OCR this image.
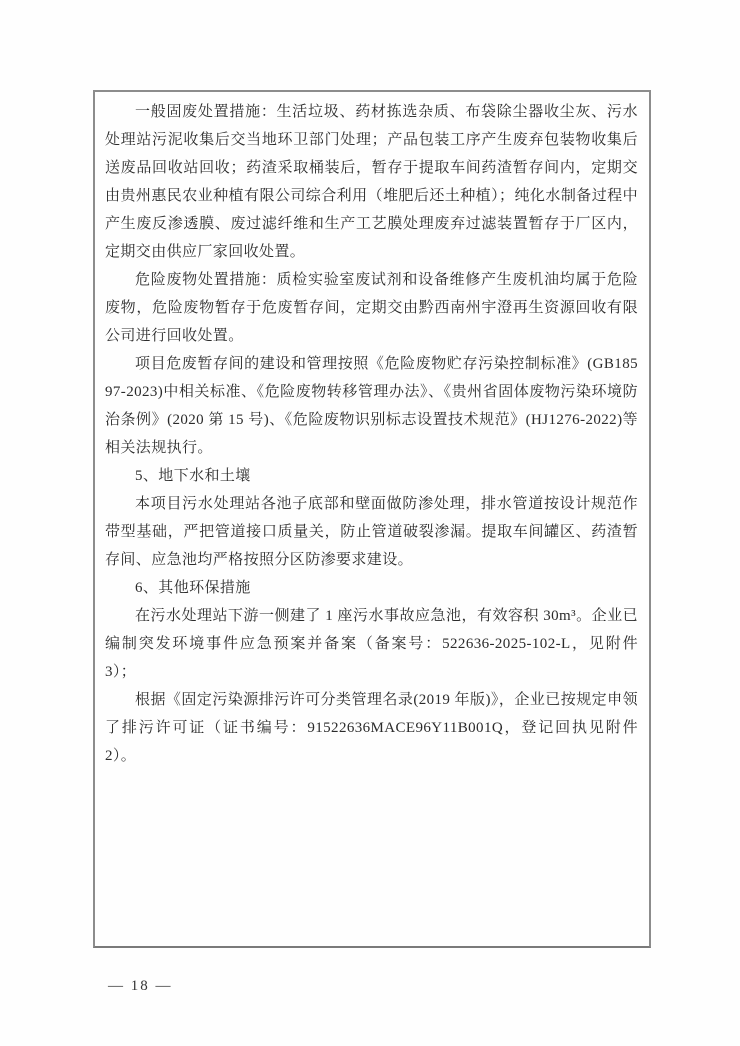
一般固废处置措施：生活垃圾、药材拣选杂质、布袋除尘器收尘灰、污水处理站污泥收集后交当地环卫部门处理；产品包装工序产生废弃包装物收集后送废品回收站回收；药渣采取桶装后，暂存于提取车间药渣暂存间内，定期交由贵州惠民农业种植有限公司综合利用（堆肥后还土种植）；纯化水制备过程中产生废反渗透膜、废过滤纤维和生产工艺膜处理废弃过滤装置暂存于厂区内，定期交由供应厂家回收处置。

危险废物处置措施：质检实验室废试剂和设备维修产生废机油均属于危险废物，危险废物暂存于危废暂存间，定期交由黔西南州宇澄再生资源回收有限公司进行回收处置。

项目危废暂存间的建设和管理按照《危险废物贮存污染控制标准》(GB18597-2023)中相关标准、《危险废物转移管理办法》、《贵州省固体废物污染环境防治条例》(2020 第 15 号)、《危险废物识别标志设置技术规范》(HJ1276-2022)等相关法规执行。

5、地下水和土壤

本项目污水处理站各池子底部和壁面做防渗处理，排水管道按设计规范作带型基础，严把管道接口质量关，防止管道破裂渗漏。提取车间罐区、药渣暂存间、应急池均严格按照分区防渗要求建设。

6、其他环保措施

在污水处理站下游一侧建了 1 座污水事故应急池，有效容积 30m³。企业已编制突发环境事件应急预案并备案（备案号：522636-2025-102-L，见附件 3）；

根据《固定污染源排污许可分类管理名录(2019 年版)》，企业已按规定申领了排污许可证（证书编号：91522636MACE96Y11B001Q，登记回执见附件 2）。

— 18 —
